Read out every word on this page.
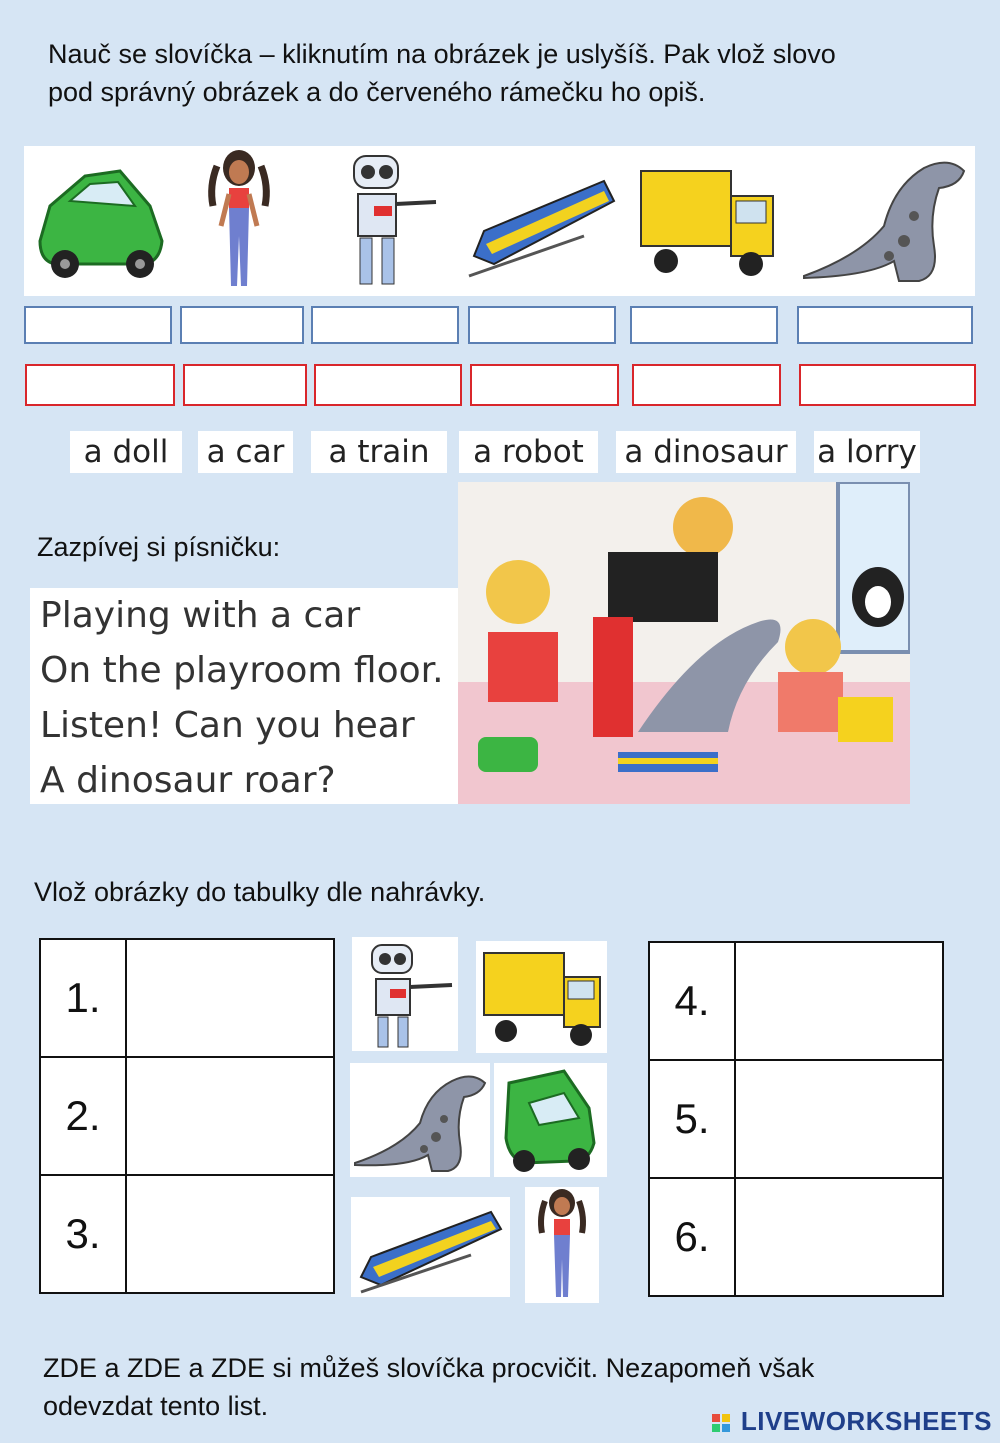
Nauč se slovíčka – kliknutím na obrázek je uslyšíš. Pak vlož slovo
pod správný obrázek a do červeného rámečku ho opiš.
a doll	a car	a train	a robot	a dinosaur a lorry
Zazpívej si písničku:
Playing with a car
On the playroom floor.
Listen! Can you hear
A dinosaur roar?
Vlož obrázky do tabulky dle nahrávky.
1.	
2.	
3.	
4.	
5.	
6.	
ZDE a ZDE a ZDE si můžeš slovíčka procvičit. Nezapomeň však
odevzdat tento list.	LIVEWORKSHEETS
